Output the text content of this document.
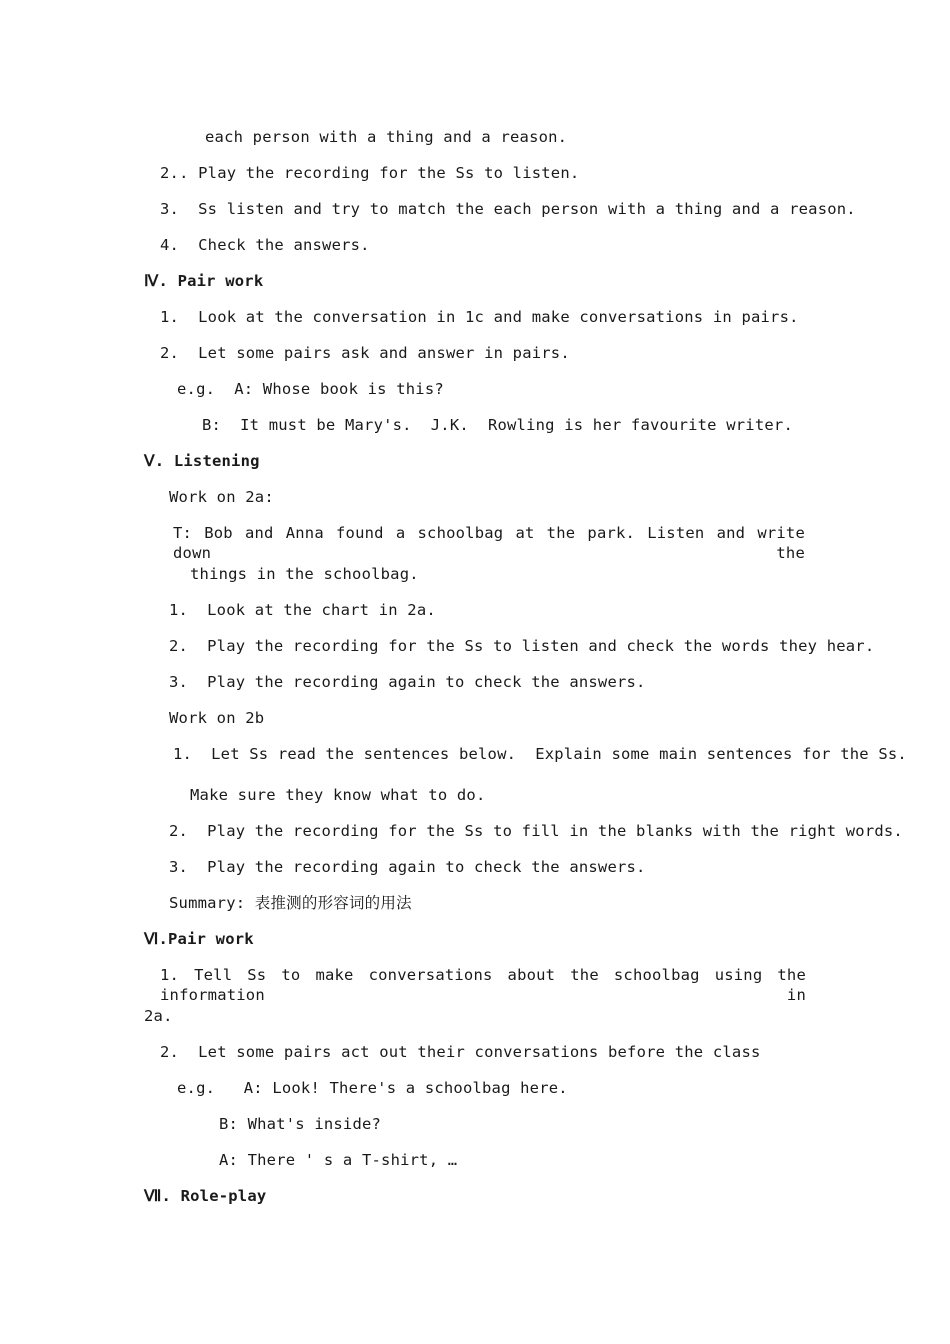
each person with a thing and a reason.
2.. Play the recording for the Ss to listen.
3.  Ss listen and try to match the each person with a thing and a reason.
4.  Check the answers.
Ⅳ. Pair work
1.  Look at the conversation in 1c and make conversations in pairs.
2.  Let some pairs ask and answer in pairs.
e.g.  A: Whose book is this?
B:  It must be Mary's.  J.K.  Rowling is her favourite writer.
Ⅴ. Listening
Work on 2a:
T: Bob and Anna found a schoolbag at the park. Listen and write down the
things in the schoolbag.
1.  Look at the chart in 2a.
2.  Play the recording for the Ss to listen and check the words they hear.
3.  Play the recording again to check the answers.
Work on 2b
1.  Let Ss read the sentences below.  Explain some main sentences for the Ss.
Make sure they know what to do.
2.  Play the recording for the Ss to fill in the blanks with the right words.
3.  Play the recording again to check the answers.
Summary: 表推测的形容词的用法
Ⅵ.Pair work
1. Tell Ss to make conversations about the schoolbag using the information in
2a.
2.  Let some pairs act out their conversations before the class
e.g.   A: Look! There's a schoolbag here.
B: What's inside?
A: There ' s a T-shirt, …
Ⅶ. Role-play
